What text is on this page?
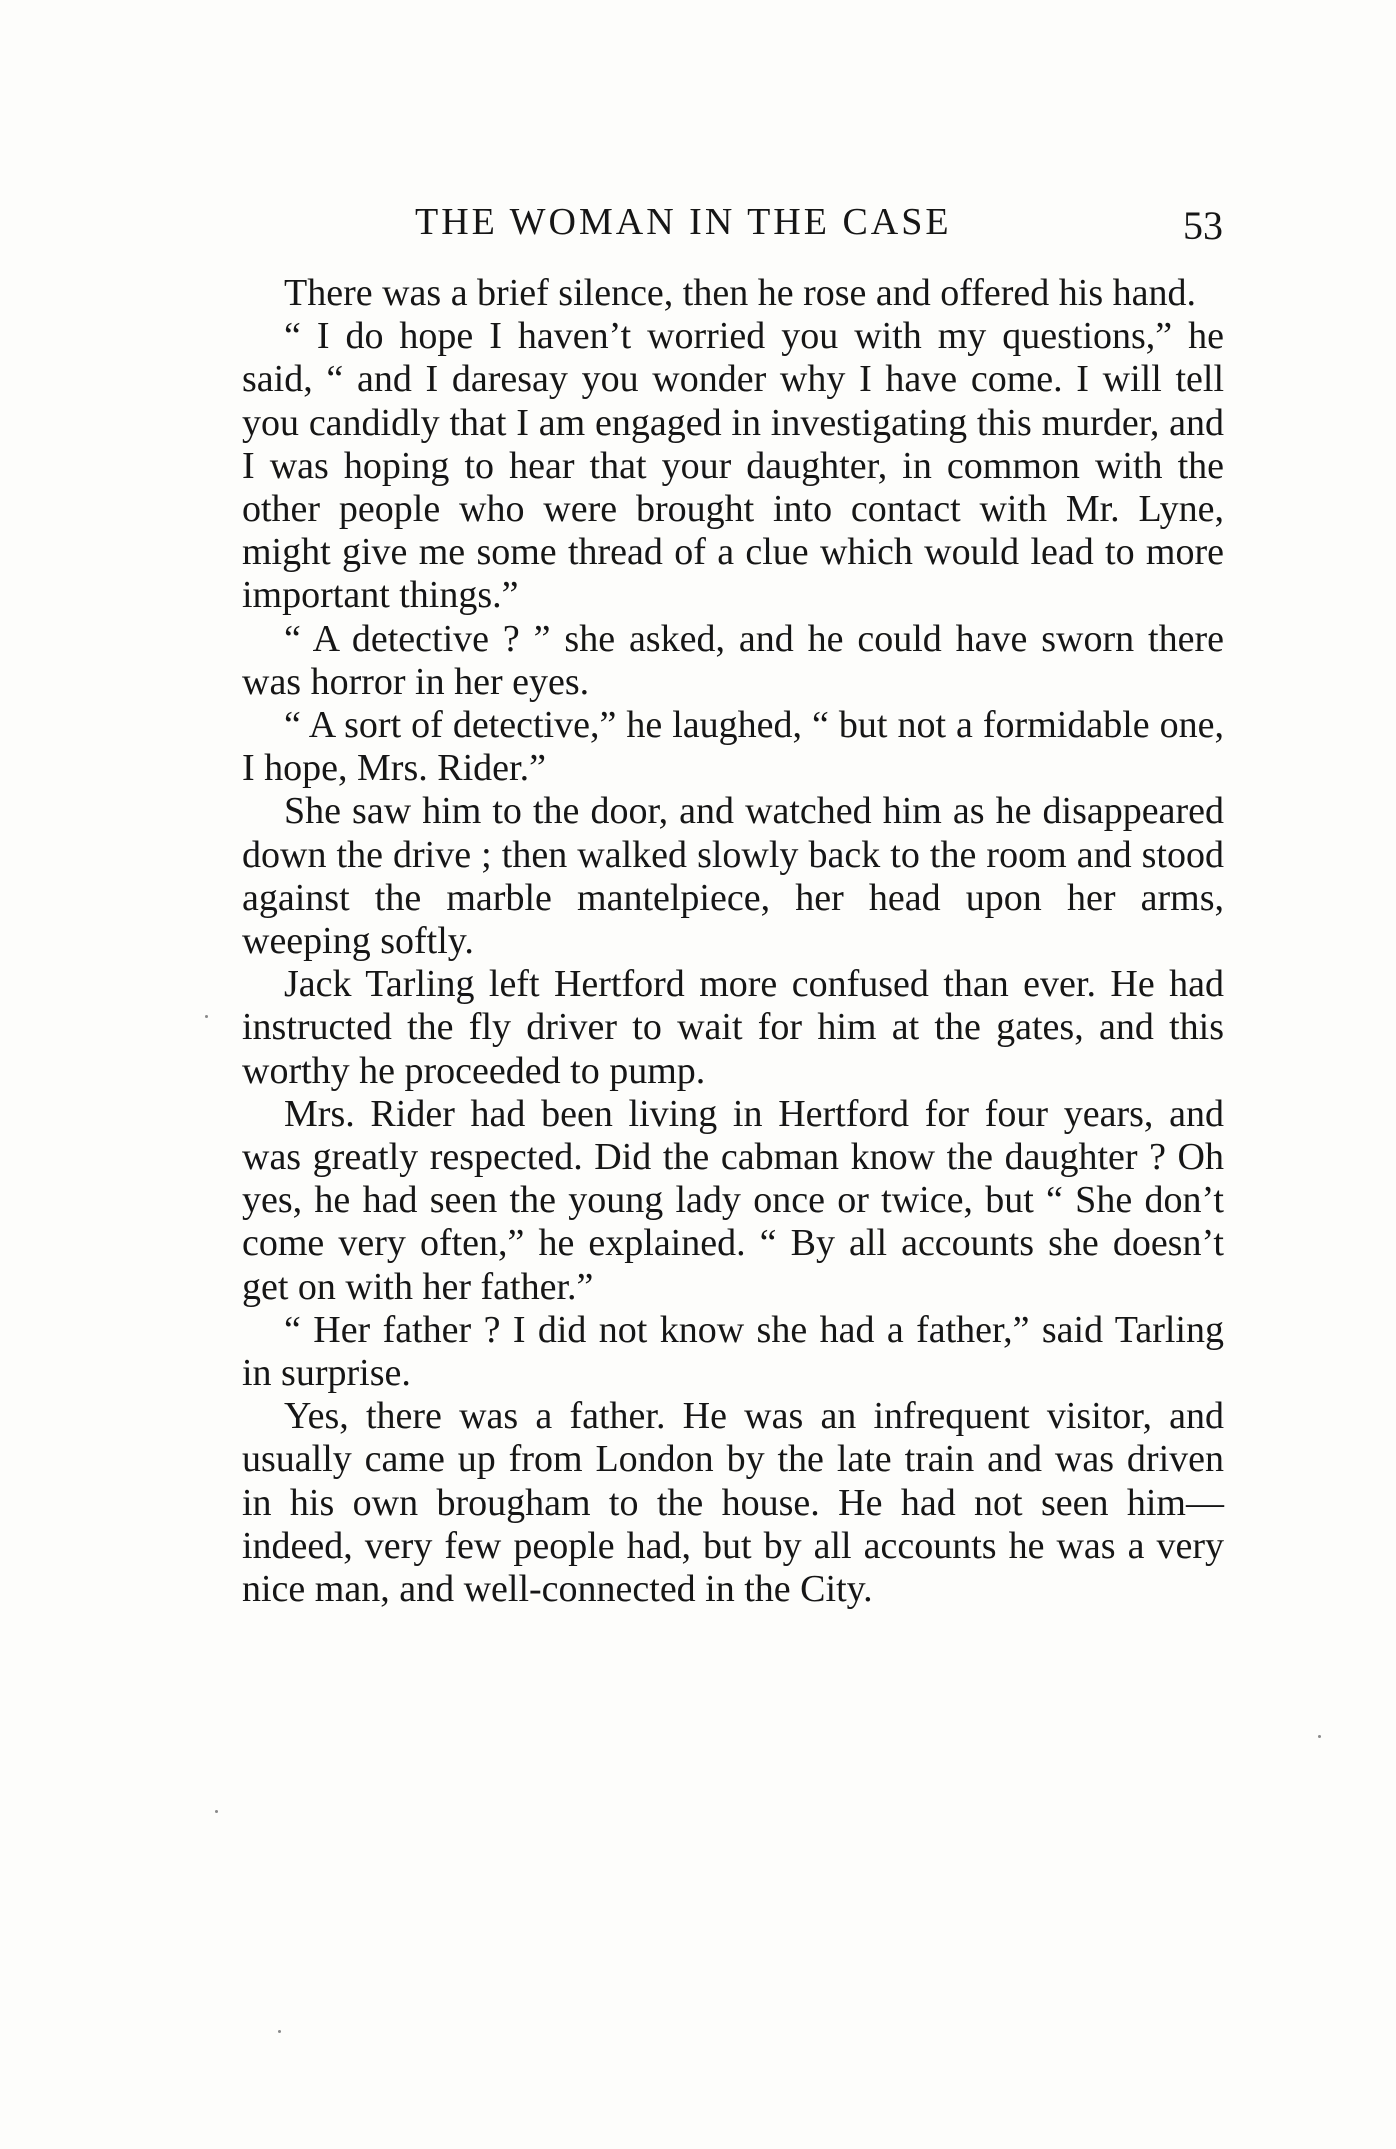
THE WOMAN IN THE CASE	53

There was a brief silence, then he rose and offered his hand.

“ I do hope I haven’t worried you with my questions,” he said, “ and I daresay you wonder why I have come. I will tell you candidly that I am engaged in investigating this murder, and I was hoping to hear that your daughter, in common with the other people who were brought into contact with Mr. Lyne, might give me some thread of a clue which would lead to more important things.”

“ A detective ? ” she asked, and he could have sworn there was horror in her eyes.

“ A sort of detective,” he laughed, “ but not a formidable one, I hope, Mrs. Rider.”

She saw him to the door, and watched him as he disappeared down the drive ; then walked slowly back to the room and stood against the marble mantelpiece, her head upon her arms, weeping softly.

Jack Tarling left Hertford more confused than ever. He had instructed the fly driver to wait for him at the gates, and this worthy he proceeded to pump.

Mrs. Rider had been living in Hertford for four years, and was greatly respected. Did the cabman know the daughter ? Oh yes, he had seen the young lady once or twice, but “ She don’t come very often,” he explained. “ By all accounts she doesn’t get on with her father.”

“ Her father ? I did not know she had a father,” said Tarling in surprise.

Yes, there was a father. He was an infrequent visitor, and usually came up from London by the late train and was driven in his own brougham to the house. He had not seen him—indeed, very few people had, but by all accounts he was a very nice man, and well-connected in the City.
